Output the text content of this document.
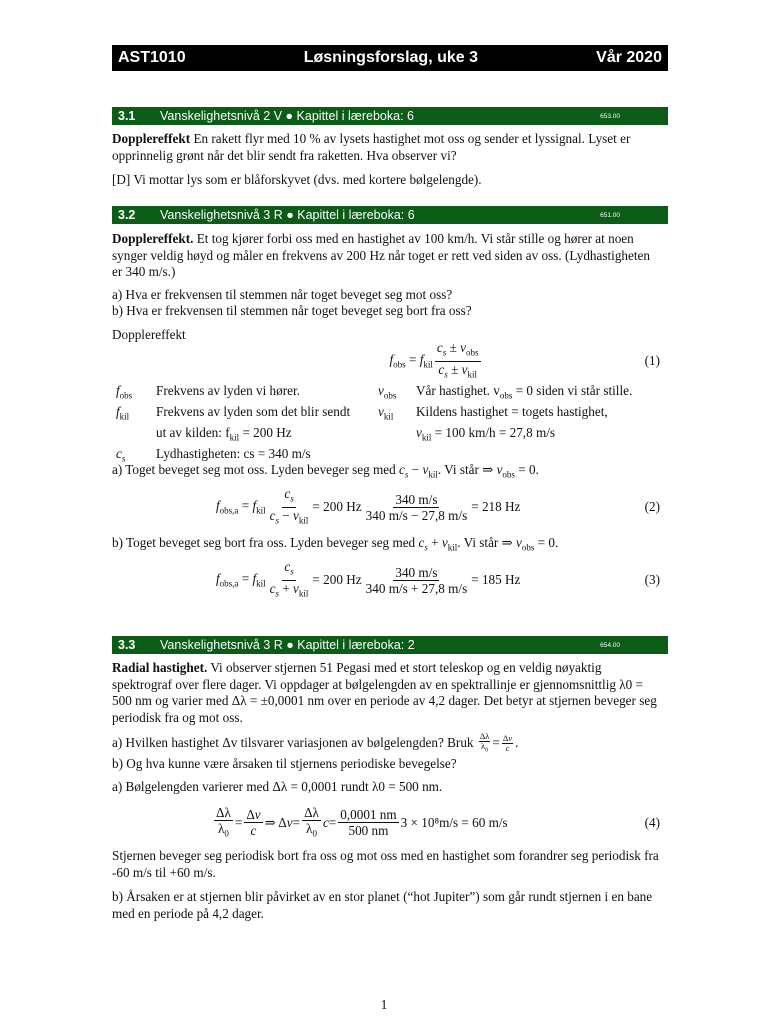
AST1010	Løsningsforslag, uke 3	Vår 2020
3.1	Vanskelighetsnivå 2 V ● Kapittel i læreboka: 6	653.00

Dopplereffekt En rakett flyr med 10 % av lysets hastighet mot oss og sender et lyssignal. Lyset er opprinnelig grønt når det blir sendt fra raketten. Hva observer vi?

[D] Vi mottar lys som er blåforskyvet (dvs. med kortere bølgelengde).

3.2	Vanskelighetsnivå 3 R ● Kapittel i læreboka: 6	651.00

Dopplereffekt. Et tog kjører forbi oss med en hastighet av 100 km/h. Vi står stille og hører at noen synger veldig høyd og måler en frekvens av 200 Hz når toget er rett ved siden av oss. (Lydhastigheten er 340 m/s.)

a) Hva er frekvensen til stemmen når toget beveget seg mot oss?

b) Hva er frekvensen til stemmen når toget beveget seg bort fra oss?

Dopplereffekt

$f_{obs} = f_{kil} \frac{c_s \pm v_{obs}}{c_s \pm v_{kil}}$	(1)
$f_{obs}$	Frekvens av lyden vi hører.	$v_{obs}$	Vår hastighet. $v_{obs} = 0$ siden vi står stille.
$f_{kil}$	Frekvens av lyden som det blir sendt	$v_{kil}$	Kildens hastighet = togets hastighet,
ut av kilden: $f_{kil} = 200$ Hz	$v_{kil} = 100$ km/h = 27,8 m/s
$c_s$	Lydhastigheten: cs = 340 m/s
a) Toget beveget seg mot oss. Lyden beveger seg med $c_s - v_{kil}$. Vi står ⇒ $v_{obs} = 0$.
$f_{obs,a} = f_{kil} \frac{c_s}{c_s - v_{kil}} = 200$ Hz $\frac{340 m/s}{340 m/s - 27,8 m/s} = 218$ Hz	(2)
b) Toget beveget seg bort fra oss. Lyden beveger seg med $c_s + v_{kil}$. Vi står ⇒ $v_{obs} = 0$.
$f_{obs,a} = f_{kil} \frac{c_s}{c_s + v_{kil}} = 200$ Hz $\frac{340 m/s}{340 m/s + 27,8 m/s} = 185$ Hz	(3)
3.3	Vanskelighetsnivå 3 R ● Kapittel i læreboka: 2	654.00

Radial hastighet. Vi observer stjernen 51 Pegasi med et stort teleskop og en veldig nøyaktig spektrograf over flere dager. Vi oppdager at bølgelengden av en spektrallinje er gjennomsnittlig λ0 = 500 nm og varier med Δλ = ±0,0001 nm over en periode av 4,2 dager. Det betyr at stjernen beveger seg periodisk fra og mot oss.

a) Hvilken hastighet Δv tilsvarer variasjonen av bølgelengden? Bruk $\frac{\Delta\lambda}{\lambda_0} = \frac{\Delta v}{c}$ .

b) Og hva kunne være årsaken til stjernens periodiske bevegelse?

a) Bølgelengden varierer med Δλ = 0,0001 rundt λ0 = 500 nm.

$\frac{\Delta\lambda}{\lambda_0} = \frac{\Delta v}{c}$ ⇒ Δ $v = \frac{\Delta\lambda}{\lambda_0}$ $c = \frac{0,0001 nm}{500 nm} 3 \times 10^8m/s = 60$ m/s	(4)

Stjernen beveger seg periodisk bort fra oss og mot oss med en hastighet som forandrer seg periodisk fra -60 m/s til +60 m/s.

b) Årsaken er at stjernen blir påvirket av en stor planet (“hot Jupiter”) som går rundt stjernen i en bane med en periode på 4,2 dager.

1
